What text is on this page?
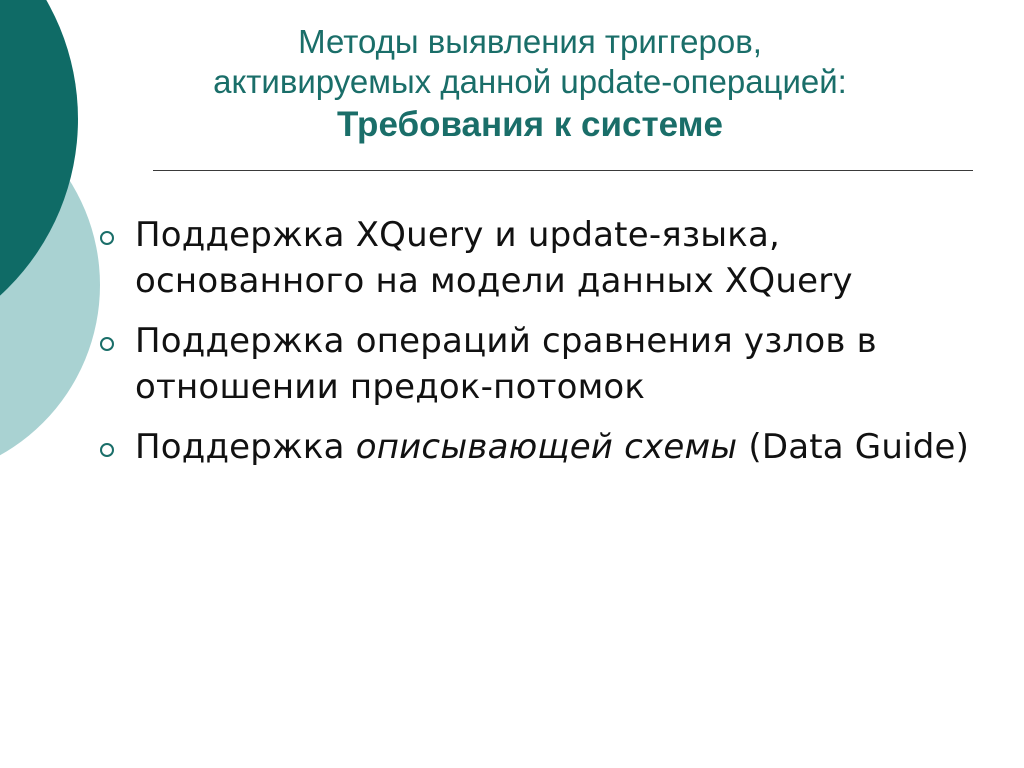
Методы выявления триггеров,
активируемых данной update-операцией:
Требования к системе
Поддержка XQuery и update-языка, основанного на модели данных XQuery
Поддержка операций сравнения узлов в отношении предок-потомок
Поддержка описывающей схемы (Data Guide)
